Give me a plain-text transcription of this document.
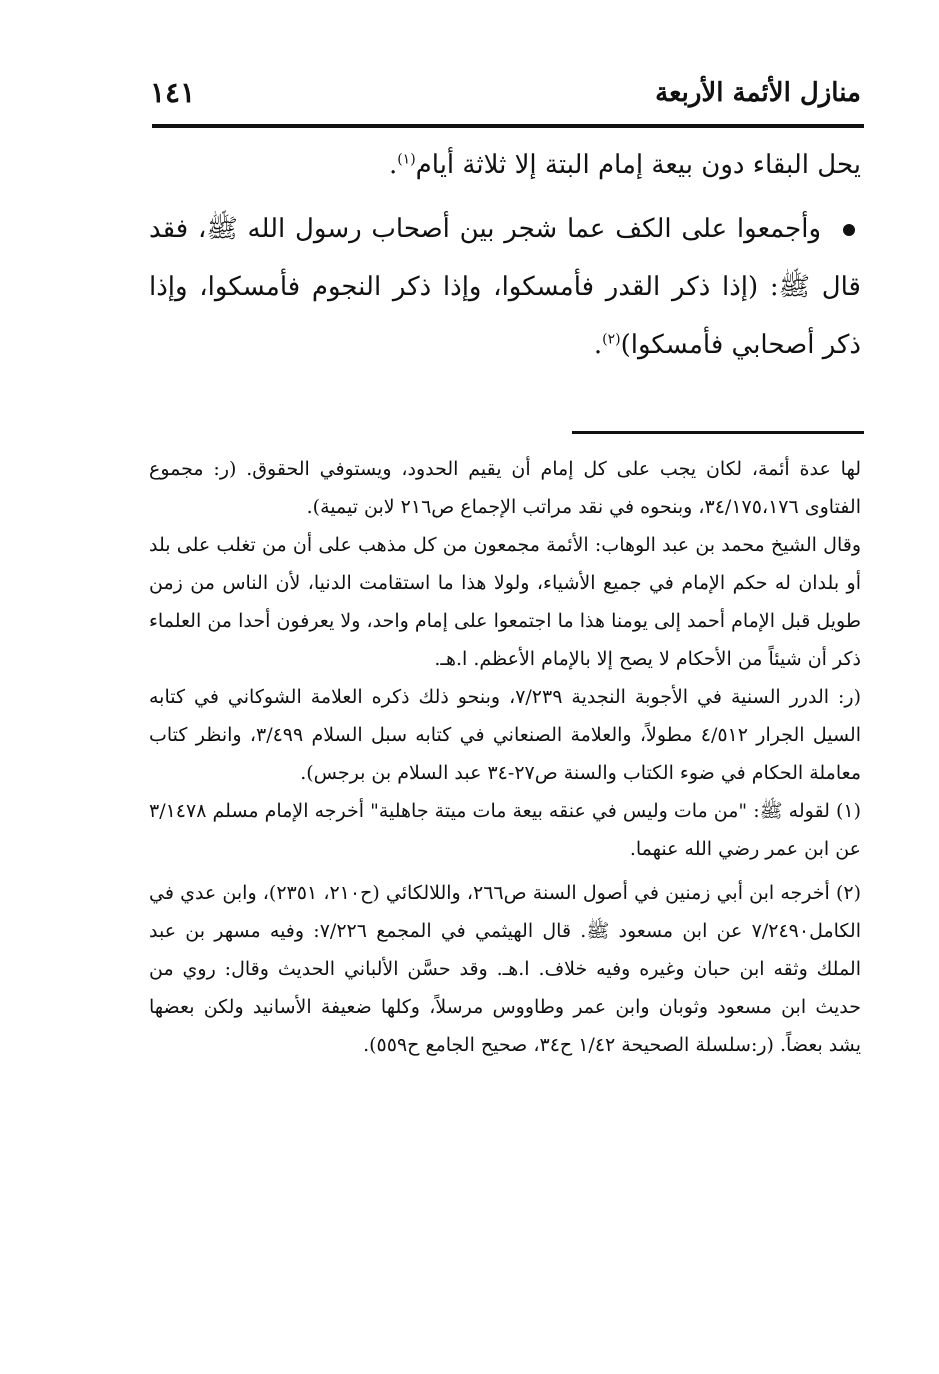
منازل الأئمة الأربعة
١٤١

يحل البقاء دون بيعة إمام البتة إلا ثلاثة أيام$^{(١)}$.

وأجمعوا على الكف عما شجر بين أصحاب رسول الله ﷺ، فقد قال ﷺ: (إذا ذكر القدر فأمسكوا، وإذا ذكر النجوم فأمسكوا، وإذا ذكر أصحابي فأمسكوا)$^{(٢)}$.

لها عدة أئمة، لكان يجب على كل إمام أن يقيم الحدود، ويستوفي الحقوق. (ر: مجموع الفتاوى ٣٤/١٧٥،١٧٦، وبنحوه في نقد مراتب الإجماع ص٢١٦ لابن تيمية).

وقال الشيخ محمد بن عبد الوهاب: الأئمة مجمعون من كل مذهب على أن من تغلب على بلد أو بلدان له حكم الإمام في جميع الأشياء، ولولا هذا ما استقامت الدنيا، لأن الناس من زمن طويل قبل الإمام أحمد إلى يومنا هذا ما اجتمعوا على إمام واحد، ولا يعرفون أحدا من العلماء ذكر أن شيئاً من الأحكام لا يصح إلا بالإمام الأعظم. ا.هـ.

(ر: الدرر السنية في الأجوبة النجدية ٧/٢٣٩، وبنحو ذلك ذكره العلامة الشوكاني في كتابه السيل الجرار ٤/٥١٢ مطولاً، والعلامة الصنعاني في كتابه سبل السلام ٣/٤٩٩، وانظر كتاب معاملة الحكام في ضوء الكتاب والسنة ص٢٧-٣٤ عبد السلام بن برجس).

(١) لقوله ﷺ: "من مات وليس في عنقه بيعة مات ميتة جاهلية" أخرجه الإمام مسلم ٣/١٤٧٨ عن ابن عمر رضي الله عنهما.

(٢) أخرجه ابن أبي زمنين في أصول السنة ص٢٦٦، واللالكائي (ح٢١٠، ٢٣٥١)، وابن عدي في الكامل٧/٢٤٩٠ عن ابن مسعود ﷺ. قال الهيثمي في المجمع ٧/٢٢٦: وفيه مسهر بن عبد الملك وثقه ابن حبان وغيره وفيه خلاف. ا.هـ. وقد حسَّن الألباني الحديث وقال: روي من حديث ابن مسعود وثوبان وابن عمر وطاووس مرسلاً، وكلها ضعيفة الأسانيد ولكن بعضها يشد بعضاً. (ر:سلسلة الصحيحة ١/٤٢ ح٣٤، صحيح الجامع ح٥٥٩).
